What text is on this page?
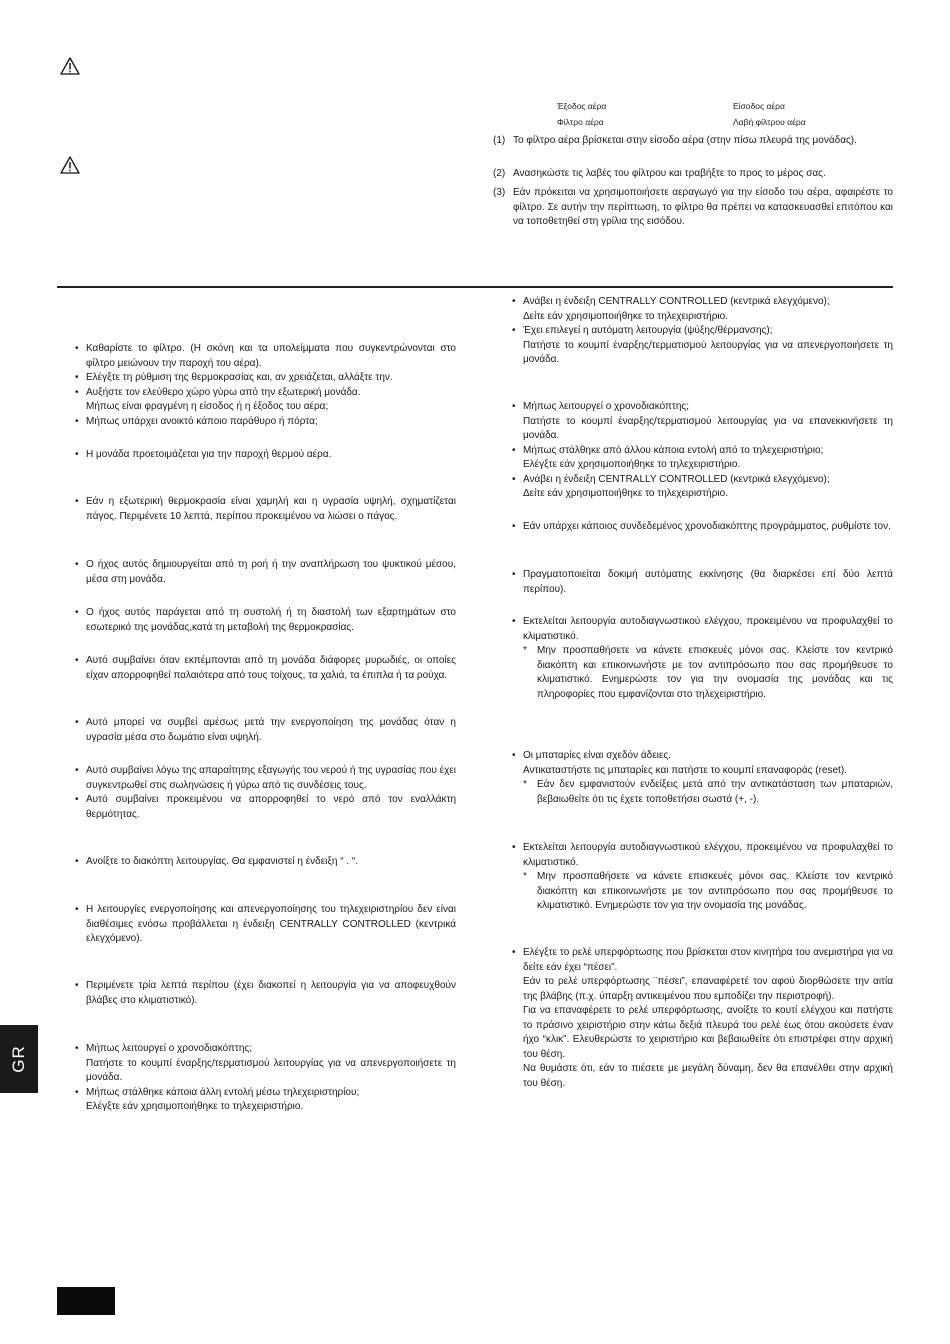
Έξοδος αέρα	Είσοδος αέρα
Φίλτρο αέρα	Λαβή φίλτρου αέρα
(1) Το φίλτρο αέρα βρίσκεται στην είσοδο αέρα (στην πίσω πλευρά της μονάδας).
(2) Ανασηκώστε τις λαβές του φίλτρου και τραβήξτε το προς το μέρος σας.
(3) Εάν πρόκειται να χρησιμοποιήσετε αεραγωγό για την είσοδο του αέρα, αφαιρέστε το φίλτρο. Σε αυτήν την περίπτωση, το φίλτρο θα πρέπει να κατασκευασθεί επιτόπου και να τοποθετηθεί στη γρίλια της εισόδου.
• Καθαρίστε το φίλτρο. (Η σκόνη και τα υπολείμματα που συγκεντρώνονται στο φίλτρο μειώνουν την παροχή του αέρα).
• Ελέγξτε τη ρύθμιση της θερμοκρασίας και, αν χρειάζεται, αλλάξτε την.
• Αυξήστε τον ελεύθερο χώρο γύρω από την εξωτερική μονάδα.
Μήπως είναι φραγμένη η είσοδος ή η έξοδος του αέρα;
• Μήπως υπάρχει ανοικτό κάποιο παράθυρο ή πόρτα;
• Η μονάδα προετοιμάζεται για την παροχή θερμού αέρα.
• Εάν η εξωτερική θερμοκρασία είναι χαμηλή και η υγρασία υψηλή, σχηματίζεται πάγος. Περιμένετε 10 λεπτά, περίπου προκειμένου να λιώσει ο πάγος.
• Ο ήχος αυτός δημιουργείται από τη ροή ή την αναπλήρωση του ψυκτικού μέσου, μέσα στη μονάδα.
• Ο ήχος αυτός παράγεται από τη συστολή ή τη διαστολή των εξαρτημάτων στο εσωτερικό της μονάδας,κατά τη μεταβολή της θερμοκρασίας.
• Αυτό συμβαίνει όταν εκπέμπονται από τη μονάδα διάφορες μυρωδιές, οι οποίες είχαν απορροφηθεί παλαιότερα από τους τοίχους, τα χαλιά, τα έπιπλα ή τα ρούχα.
• Αυτό μπορεί να συμβεί αμέσως μετά την ενεργοποίηση της μονάδας όταν η υγρασία μέσα στο δωμάτιο είναι υψηλή.
• Αυτό συμβαίνει λόγω της απαραίτητης εξαγωγής του νερού ή της υγρασίας που έχει συγκεντρωθεί στις σωληνώσεις ή γύρω από τις συνδέσεις τους.
• Αυτό συμβαίνει προκειμένου να απορροφηθεί το νερό από τον εναλλάκτη θερμότητας.
• Ανοίξτε το διακόπτη λειτουργίας. Θα εμφανιστεί η ένδειξη “ . “.
• Η λειτουργίες ενεργοποίησης και απενεργοποίησης του τηλεχειριστηρίου δεν είναι διαθέσιμες ενόσω προβάλλεται η ένδειξη CENTRALLY CONTROLLED (κεντρικά ελεγχόμενο).
• Περιμένετε τρία λεπτά περίπου (έχει διακοπεί η λειτουργία για να αποφευχθούν βλάβες στο κλιματιστικό).
• Μήπως λειτουργεί ο χρονοδιακόπτης;
Πατήστε το κουμπί έναρξης/τερματισμού λειτουργίας για να απενεργοποιήσετε τη μονάδα.
• Μήπως στάλθηκε κάποια άλλη εντολή μέσω τηλεχειριστηρίου;
Ελέγξτε εάν χρησιμοποιήθηκε το τηλεχειριστήριο.
• Ανάβει η ένδειξη CENTRALLY CONTROLLED (κεντρικά ελεγχόμενο);
Δείτε εάν χρησιμοποιήθηκε το τηλεχειριστήριο.
• Έχει επιλεγεί η αυτόματη λειτουργία (ψύξης/θέρμανσης);
Πατήστε το κουμπί έναρξης/τερματισμού λειτουργίας για να απενεργοποιήσετε τη μονάδα.
• Μήπως λειτουργεί ο χρονοδιακόπτης;
Πατήστε το κουμπί έναρξης/τερματισμού λειτουργίας για να επανεκκινήσετε τη μονάδα.
• Μήπως στάλθηκε από άλλου κάποια εντολή από το τηλεχειριστήριο;
Ελέγξτε εάν χρησιμοποιήθηκε το τηλεχειριστήριο.
• Ανάβει η ένδειξη CENTRALLY CONTROLLED (κεντρικά ελεγχόμενο);
Δείτε εάν χρησιμοποιήθηκε το τηλεχειριστήριο.
• Εάν υπάρχει κάποιος συνδεδεμένος χρονοδιακόπτης προγράμματος, ρυθμίστε τον.
• Πραγματοποιείται δοκιμή αυτόματης εκκίνησης (θα διαρκέσει επί δύο λεπτά περίπου).
• Εκτελείται λειτουργία αυτοδιαγνωστικού ελέγχου, προκειμένου να προφυλαχθεί το κλιματιστικό.
* Μην προσπαθήσετε να κάνετε επισκευές μόνοι σας. Κλείστε τον κεντρικό διακόπτη και επικοινωνήστε με τον αντιπρόσωπο που σας προμήθευσε το κλιματιστικό. Ενημερώστε τον για την ονομασία της μονάδας και τις πληροφορίες που εμφανίζονται στο τηλεχειριστήριο.
• Οι μπαταρίες είναι σχεδόν άδειες.
Αντικαταστήστε τις μπαταρίες και πατήστε το κουμπί επαναφοράς (reset).
* Εάν δεν εμφανιστούν ενδείξεις μετά από την αντικατάσταση των μπαταριών, βεβαιωθείτε ότι τις έχετε τοποθετήσει σωστά (+, -).
• Εκτελείται λειτουργία αυτοδιαγνωστικού ελέγχου, προκειμένου να προφυλαχθεί το κλιματιστικό.
* Μην προσπαθήσετε να κάνετε επισκευές μόνοι σας. Κλείστε τον κεντρικό διακόπτη και επικοινωνήστε με τον αντιπρόσωπο που σας προμήθευσε το κλιματιστικό. Ενημερώστε τον για την ονομασία της μονάδας.
• Ελέγξτε το ρελέ υπερφόρτωσης που βρίσκεται στον κινητήρα του ανεμιστήρα για να δείτε εάν έχει “πέσει”.
Εάν το ρελέ υπερφόρτωσης ¨πέσει”, επαναφέρετέ τον αφού διορθώσετε την αιτία της βλάβης (π.χ. ύπαρξη αντικειμένου που εμποδίζει την περιστροφή).
Για να επαναφέρετε το ρελέ υπερφόρτωσης, ανοίξτε το κουτί ελέγχου και πατήστε το πράσινο χειριστήριο στην κάτω δεξιά πλευρά του ρελέ έως ότου ακούσετε έναν ήχο “κλικ”. Ελευθερώστε το χειριστήριο και βεβαιωθείτε ότι επιστρέφει στην αρχική του θέση.
Να θυμάστε ότι, εάν το πιέσετε με μεγάλη δύναμη, δεν θα επανέλθει στην αρχική του θέση.
GR
